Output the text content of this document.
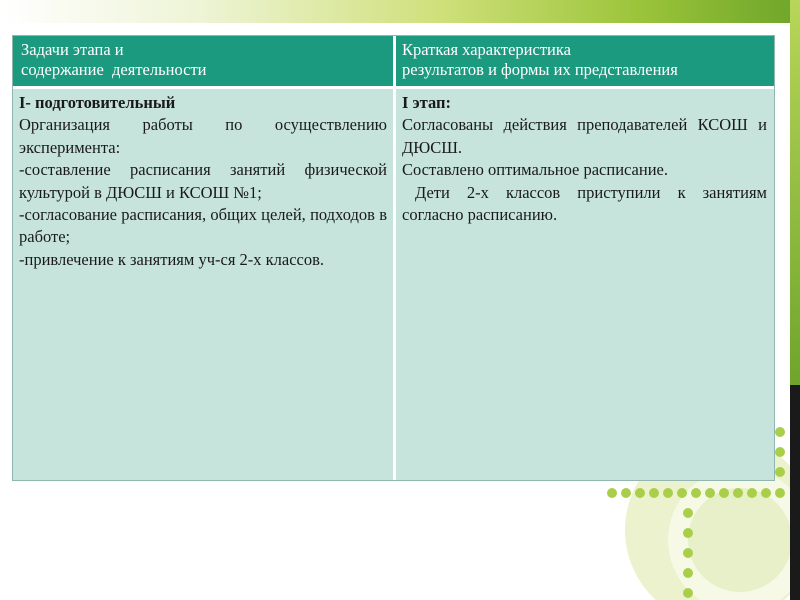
Задачи этапа и
содержание  деятельности
Краткая характеристика
результатов и формы их представления

I- подготовительный

Организация работы по осуществлению эксперимента:

-составление расписания занятий физической культурой в ДЮСШ и КСОШ №1;

-согласование расписания, общих целей, подходов в работе;

-привлечение к занятиям уч-ся 2-х классов.

I этап:

Согласованы действия преподавателей КСОШ и ДЮСШ.

Составлено оптимальное расписание.

Дети 2-х классов приступили к занятиям согласно расписанию.
